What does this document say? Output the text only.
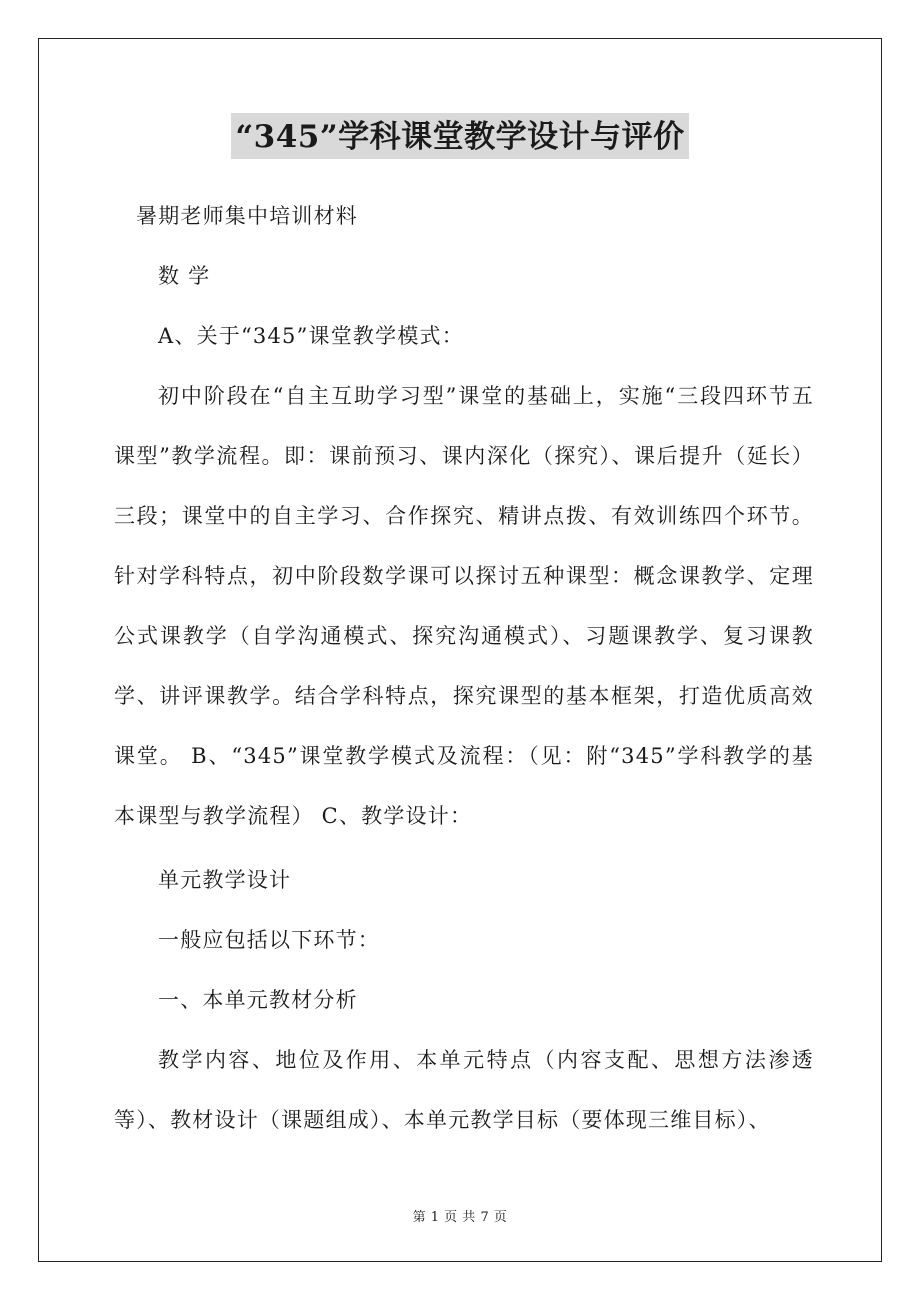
“345”学科课堂教学设计与评价

暑期老师集中培训材料

数 学

A、关于“345”课堂教学模式：

初中阶段在“自主互助学习型”课堂的基础上，实施“三段四环节五课型”教学流程。即：课前预习、课内深化（探究）、课后提升（延长）三段；课堂中的自主学习、合作探究、精讲点拨、有效训练四个环节。针对学科特点，初中阶段数学课可以探讨五种课型：概念课教学、定理公式课教学（自学沟通模式、探究沟通模式）、习题课教学、复习课教学、讲评课教学。结合学科特点，探究课型的基本框架，打造优质高效课堂。 B、“345”课堂教学模式及流程：（见：附“345”学科教学的基本课型与教学流程） C、教学设计：

单元教学设计

一般应包括以下环节：

一、本单元教材分析

教学内容、地位及作用、本单元特点（内容支配、思想方法渗透等）、教材设计（课题组成）、本单元教学目标（要体现三维目标）、

第 1 页 共 7 页
